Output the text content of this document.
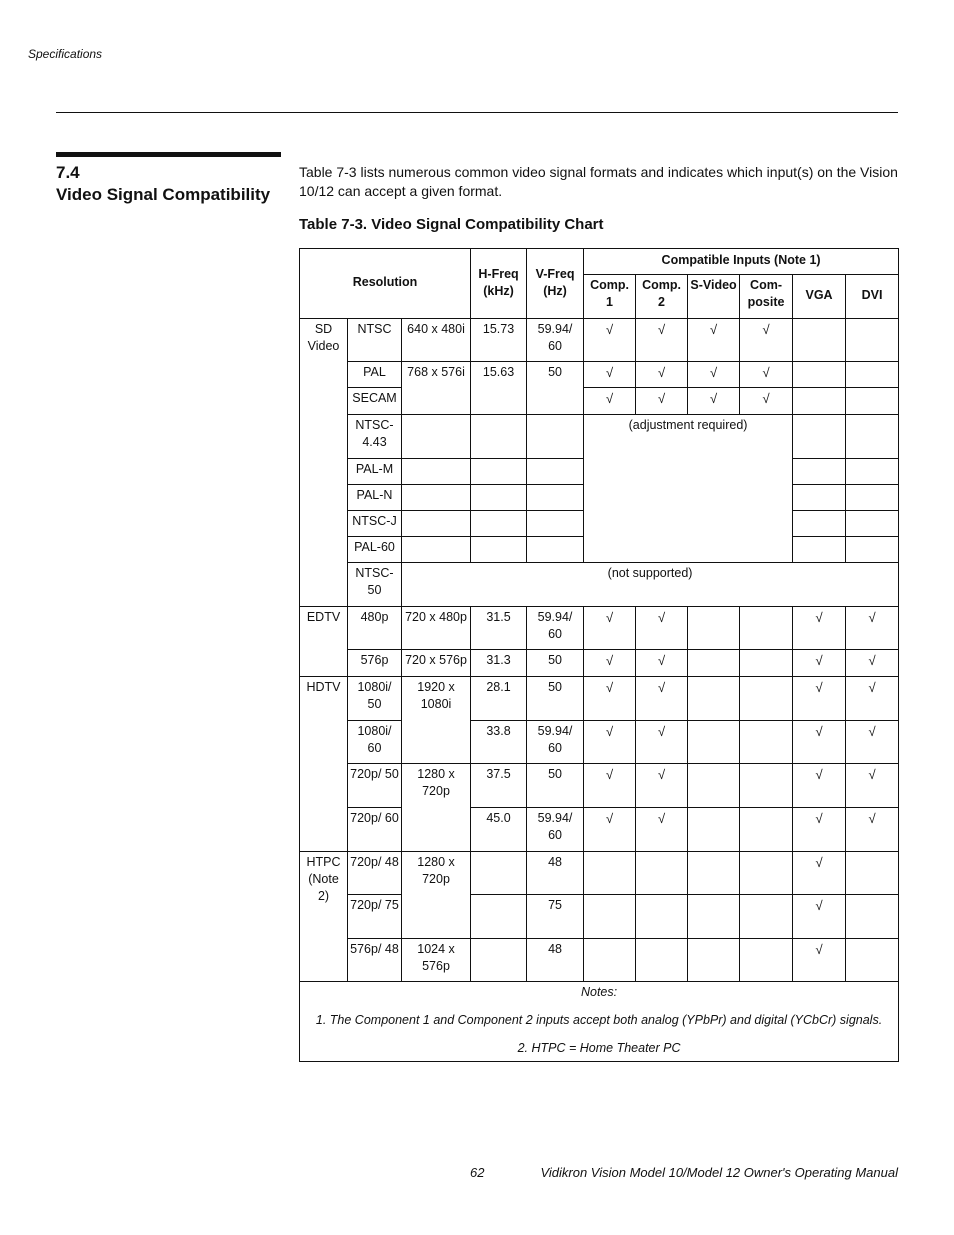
Specifications
7.4
Video Signal Compatibility
Table 7-3 lists numerous common video signal formats and indicates which input(s) on the Vision 10/12 can accept a given format.
Table 7-3. Video Signal Compatibility Chart
Resolution			H-Freq (kHz)	V-Freq (Hz)	Compatible Inputs (Note 1)					
					Comp. 1	Comp. 2	S-Video	Com-posite	VGA	DVI
SD Video	NTSC	640 x 480i	15.73	59.94/ 60	√	√	√	√		
	PAL	768 x 576i	15.63	50	√	√	√	√		
	SECAM				√	√	√	√		
	NTSC-4.43				(adjustment required)					
	PAL-M									
	PAL-N									
	NTSC-J									
	PAL-60									
	NTSC-50	(not supported)								
EDTV	480p	720 x 480p	31.5	59.94/ 60	√	√			√	√
	576p	720 x 576p	31.3	50	√	√			√	√
HDTV	1080i/ 50	1920 x 1080i	28.1	50	√	√			√	√
	1080i/ 60		33.8	59.94/ 60	√	√			√	√
	720p/ 50	1280 x 720p	37.5	50	√	√			√	√
	720p/ 60		45.0	59.94/ 60	√	√			√	√
HTPC (Note 2)	720p/ 48	1280 x 720p		48					√	
	720p/ 75			75					√	
	576p/ 48	1024 x 576p		48					√	

Notes:
1. The Component 1 and Component 2 inputs accept both analog (YPbPr) and digital (YCbCr) signals.
2. HTPC = Home Theater PC										
62	Vidikron Vision Model 10/Model 12 Owner's Operating Manual
